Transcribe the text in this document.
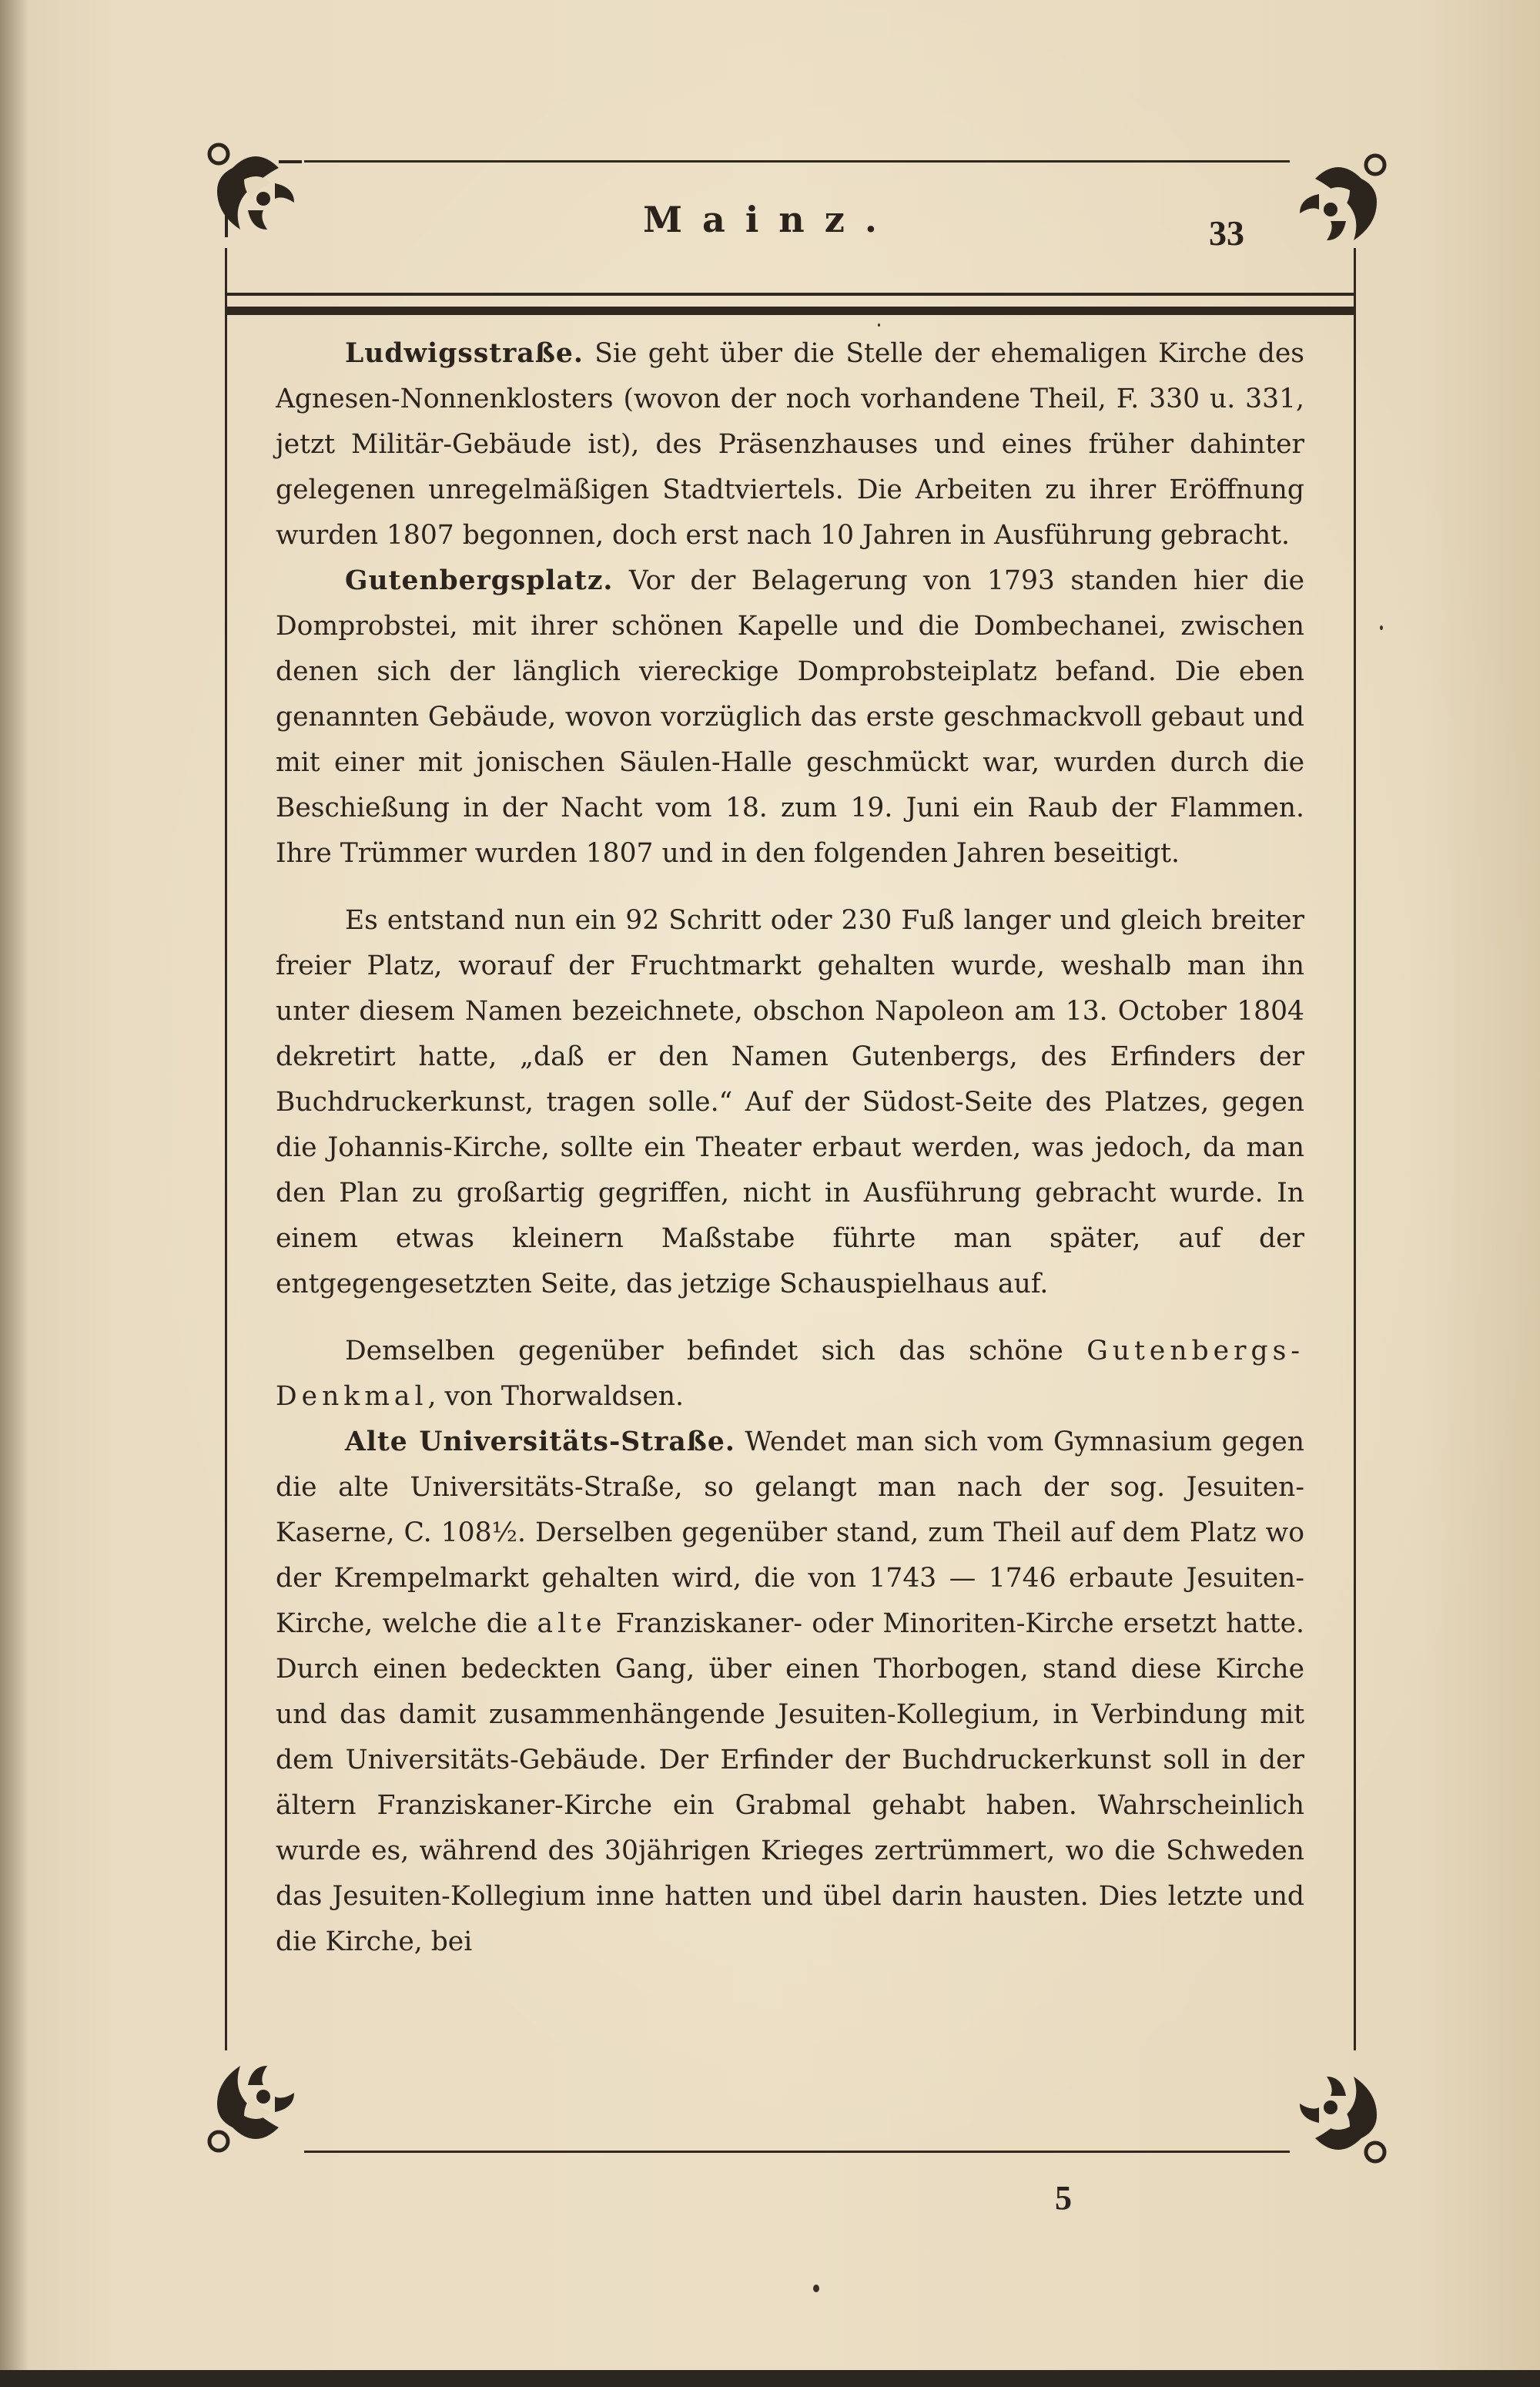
Mainz.	33

Ludwigsstraße. Sie geht über die Stelle der ehemaligen Kirche des Agnesen-Nonnenklosters (wovon der noch vorhandene Theil, F. 330 u. 331, jetzt Militär-Gebäude ist), des Präsenzhauses und eines früher dahinter gelegenen unregelmäßigen Stadtviertels. Die Arbeiten zu ihrer Eröffnung wurden 1807 begonnen, doch erst nach 10 Jahren in Ausführung gebracht.

Gutenbergsplatz. Vor der Belagerung von 1793 standen hier die Domprobstei, mit ihrer schönen Kapelle und die Dombechanei, zwischen denen sich der länglich viereckige Domprobsteiplatz befand. Die eben genannten Gebäude, wovon vorzüglich das erste geschmackvoll gebaut und mit einer mit jonischen Säulen-Halle geschmückt war, wurden durch die Beschießung in der Nacht vom 18. zum 19. Juni ein Raub der Flammen. Ihre Trümmer wurden 1807 und in den folgenden Jahren beseitigt.

Es entstand nun ein 92 Schritt oder 230 Fuß langer und gleich breiter freier Platz, worauf der Fruchtmarkt gehalten wurde, weshalb man ihn unter diesem Namen bezeichnete, obschon Napoleon am 13. October 1804 dekretirt hatte, „daß er den Namen Gutenbergs, des Erfinders der Buchdruckerkunst, tragen solle.“ Auf der Südost-Seite des Platzes, gegen die Johannis-Kirche, sollte ein Theater erbaut werden, was jedoch, da man den Plan zu großartig gegriffen, nicht in Ausführung gebracht wurde. In einem etwas kleinern Maßstabe führte man später, auf der entgegengesetzten Seite, das jetzige Schauspielhaus auf.

Demselben gegenüber befindet sich das schöne Gutenbergs-Denkmal, von Thorwaldsen.

Alte Universitäts-Straße. Wendet man sich vom Gymnasium gegen die alte Universitäts-Straße, so gelangt man nach der sog. Jesuiten-Kaserne, C. 108½. Derselben gegenüber stand, zum Theil auf dem Platz wo der Krempelmarkt gehalten wird, die von 1743 — 1746 erbaute Jesuiten-Kirche, welche die alte Franziskaner- oder Minoriten-Kirche ersetzt hatte. Durch einen bedeckten Gang, über einen Thorbogen, stand diese Kirche und das damit zusammenhängende Jesuiten-Kollegium, in Verbindung mit dem Universitäts-Gebäude. Der Erfinder der Buchdruckerkunst soll in der ältern Franziskaner-Kirche ein Grabmal gehabt haben. Wahrscheinlich wurde es, während des 30jährigen Krieges zertrümmert, wo die Schweden das Jesuiten-Kollegium inne hatten und übel darin hausten. Dies letzte und die Kirche, bei

5
